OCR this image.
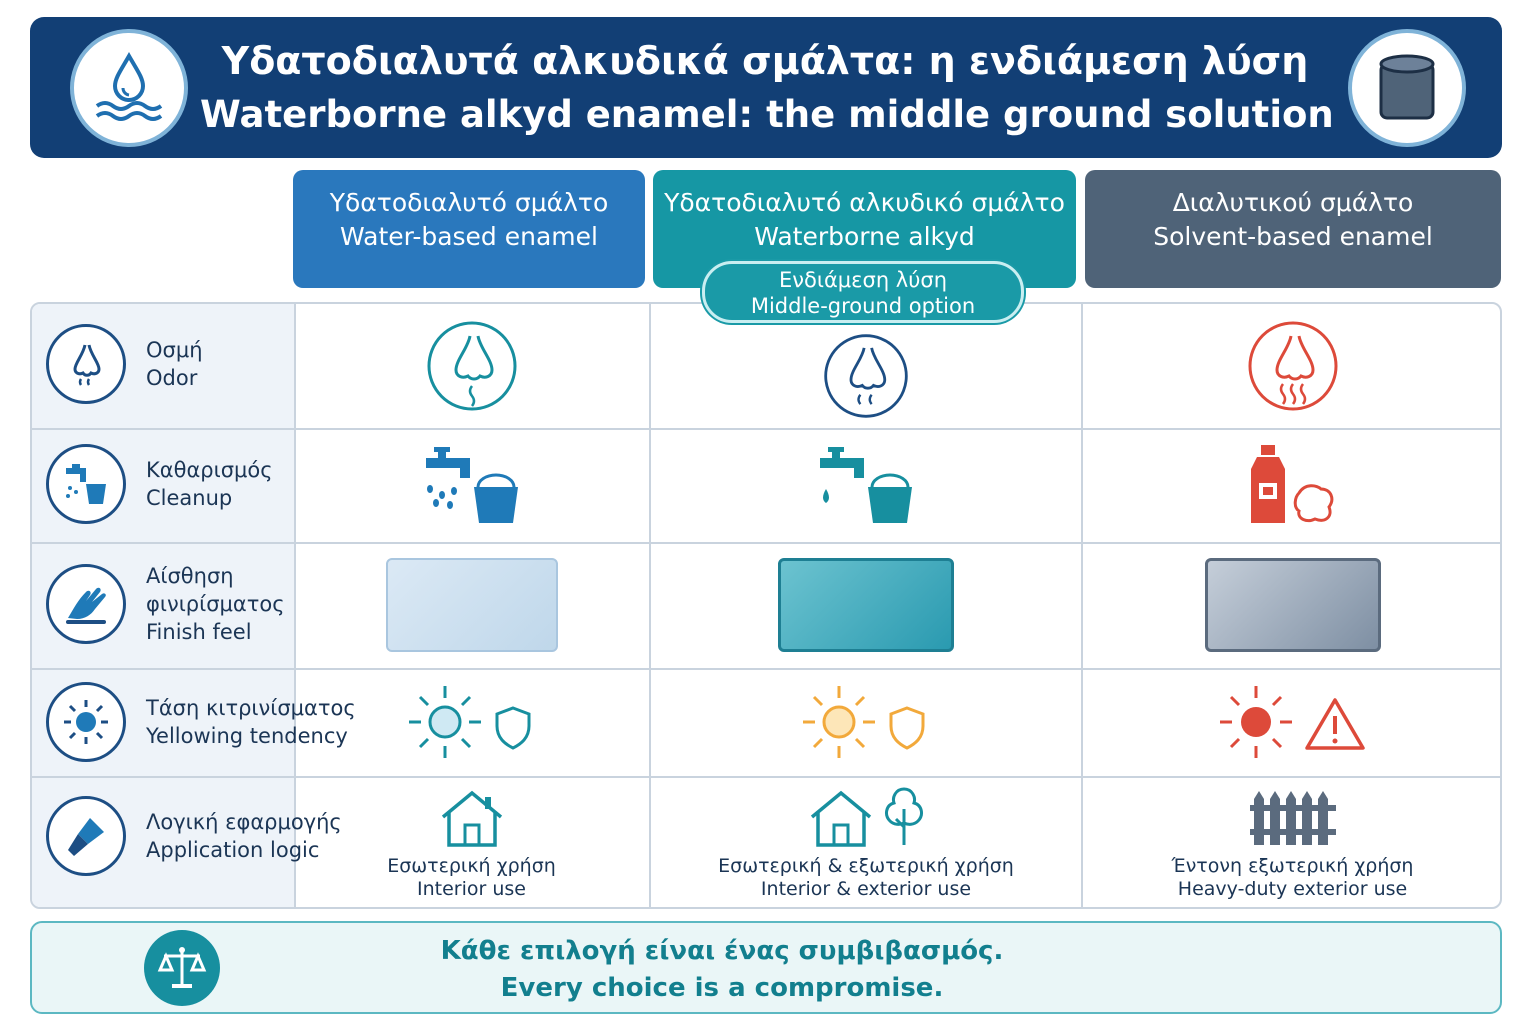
Υδατοδιαλυτά αλκυδικά σμάλτα: η ενδιάμεση λύση
Waterborne alkyd enamel: the middle ground solution
Υδατοδιαλυτό σμάλτο
Water-based enamel
Υδατοδιαλυτό αλκυδικό σμάλτο
Waterborne alkyd
Διαλυτικού σμάλτο
Solvent-based enamel
Οσμή
Odor
Καθαρισμός
Cleanup
Αίσθηση
φινιρίσματος
Finish feel
Τάση κιτρινίσματος
Yellowing tendency
Λογική εφαρμογής
Application logic
Εσωτερική χρήση
Interior use
Εσωτερική & εξωτερική χρήση
Interior & exterior use
Έντονη εξωτερική χρήση
Heavy-duty exterior use
Ενδιάμεση λύση
Middle-ground option
Κάθε επιλογή είναι ένας συμβιβασμός.
Every choice is a compromise.
